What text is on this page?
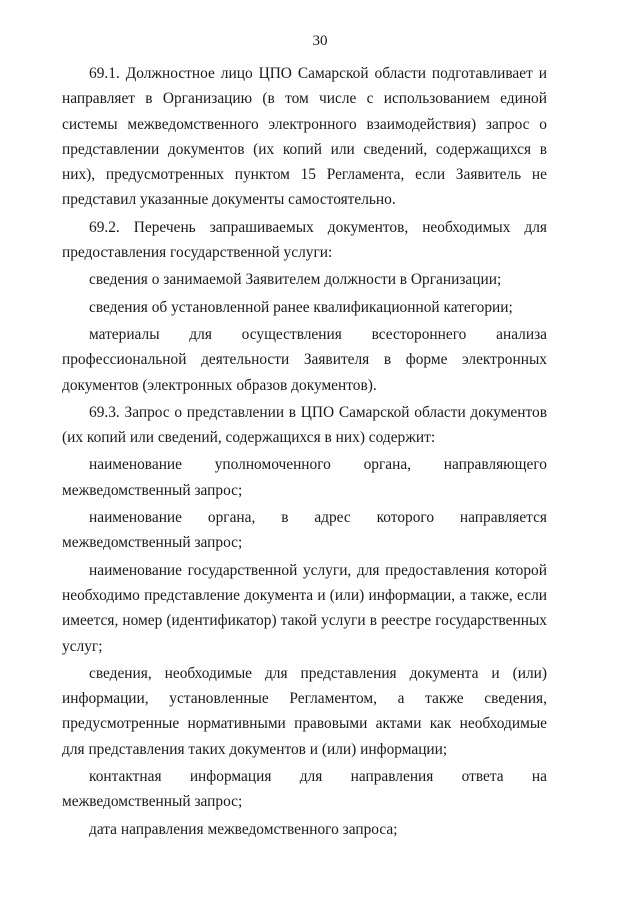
30

69.1. Должностное лицо ЦПО Самарской области подготавливает и направляет в Организацию (в том числе с использованием единой системы межведомственного электронного взаимодействия) запрос о представлении документов (их копий или сведений, содержащихся в них), предусмотренных пунктом 15 Регламента, если Заявитель не представил указанные документы самостоятельно.

69.2. Перечень запрашиваемых документов, необходимых для предоставления государственной услуги:

сведения о занимаемой Заявителем должности в Организации;

сведения об установленной ранее квалификационной категории;

материалы для осуществления всестороннего анализа профессиональной деятельности Заявителя в форме электронных документов (электронных образов документов).

69.3. Запрос о представлении в ЦПО Самарской области документов (их копий или сведений, содержащихся в них) содержит:

наименование уполномоченного органа, направляющего межведомственный запрос;

наименование органа, в адрес которого направляется межведомственный запрос;

наименование государственной услуги, для предоставления которой необходимо представление документа и (или) информации, а также, если имеется, номер (идентификатор) такой услуги в реестре государственных услуг;

сведения, необходимые для представления документа и (или) информации, установленные Регламентом, а также сведения, предусмотренные нормативными правовыми актами как необходимые для представления таких документов и (или) информации;

контактная информация для направления ответа на межведомственный запрос;

дата направления межведомственного запроса;
